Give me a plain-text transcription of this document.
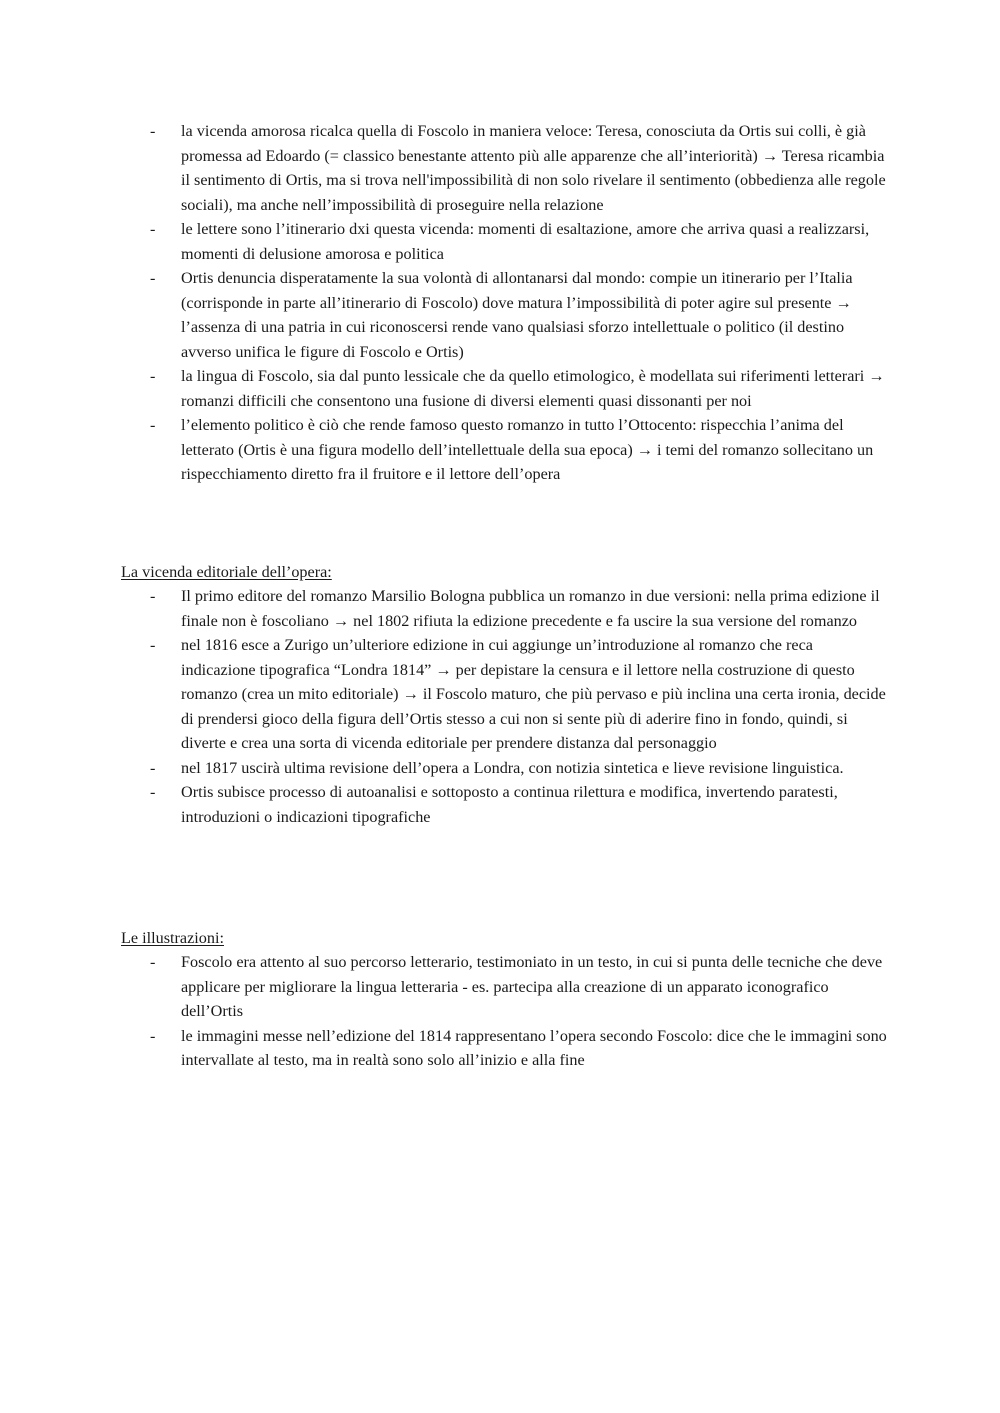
- la vicenda amorosa ricalca quella di Foscolo in maniera veloce: Teresa, conosciuta da Ortis sui colli, è già promessa ad Edoardo (= classico benestante attento più alle apparenze che all’interiorità) → Teresa ricambia il sentimento di Ortis, ma si trova nell'impossibilità di non solo rivelare il sentimento (obbedienza alle regole sociali), ma anche nell’impossibilità di proseguire nella relazione
- le lettere sono l’itinerario dxi questa vicenda: momenti di esaltazione, amore che arriva quasi a realizzarsi, momenti di delusione amorosa e politica
- Ortis denuncia disperatamente la sua volontà di allontanarsi dal mondo: compie un itinerario per l’Italia (corrisponde in parte all’itinerario di Foscolo) dove matura l’impossibilità di poter agire sul presente → l’assenza di una patria in cui riconoscersi rende vano qualsiasi sforzo intellettuale o politico (il destino avverso unifica le figure di Foscolo e Ortis)
- la lingua di Foscolo, sia dal punto lessicale che da quello etimologico, è modellata sui riferimenti letterari → romanzi difficili che consentono una fusione di diversi elementi quasi dissonanti per noi
- l’elemento politico è ciò che rende famoso questo romanzo in tutto l’Ottocento: rispecchia l’anima del letterato (Ortis è una figura modello dell’intellettuale della sua epoca) → i temi del romanzo sollecitano un rispecchiamento diretto fra il fruitore e il lettore dell’opera
La vicenda editoriale dell’opera:
- Il primo editore del romanzo Marsilio Bologna pubblica un romanzo in due versioni: nella prima edizione il finale non è foscoliano → nel 1802 rifiuta la edizione precedente e fa uscire la sua versione del romanzo
- nel 1816 esce a Zurigo un’ulteriore edizione in cui aggiunge un’introduzione al romanzo che reca indicazione tipografica “Londra 1814” → per depistare la censura e il lettore nella costruzione di questo romanzo (crea un mito editoriale) → il Foscolo maturo, che più pervaso e più inclina una certa ironia, decide di prendersi gioco della figura dell’Ortis stesso a cui non si sente più di aderire fino in fondo, quindi, si diverte e crea una sorta di vicenda editoriale per prendere distanza dal personaggio
- nel 1817 uscirà ultima revisione dell’opera a Londra, con notizia sintetica e lieve revisione linguistica.
- Ortis subisce processo di autoanalisi e sottoposto a continua rilettura e modifica, invertendo paratesti, introduzioni o indicazioni tipografiche
Le illustrazioni:
- Foscolo era attento al suo percorso letterario, testimoniato in un testo, in cui si punta delle tecniche che deve applicare per migliorare la lingua letteraria - es. partecipa alla creazione di un apparato iconografico dell’Ortis
- le immagini messe nell’edizione del 1814 rappresentano l’opera secondo Foscolo: dice che le immagini sono intervallate al testo, ma in realtà sono solo all’inizio e alla fine
